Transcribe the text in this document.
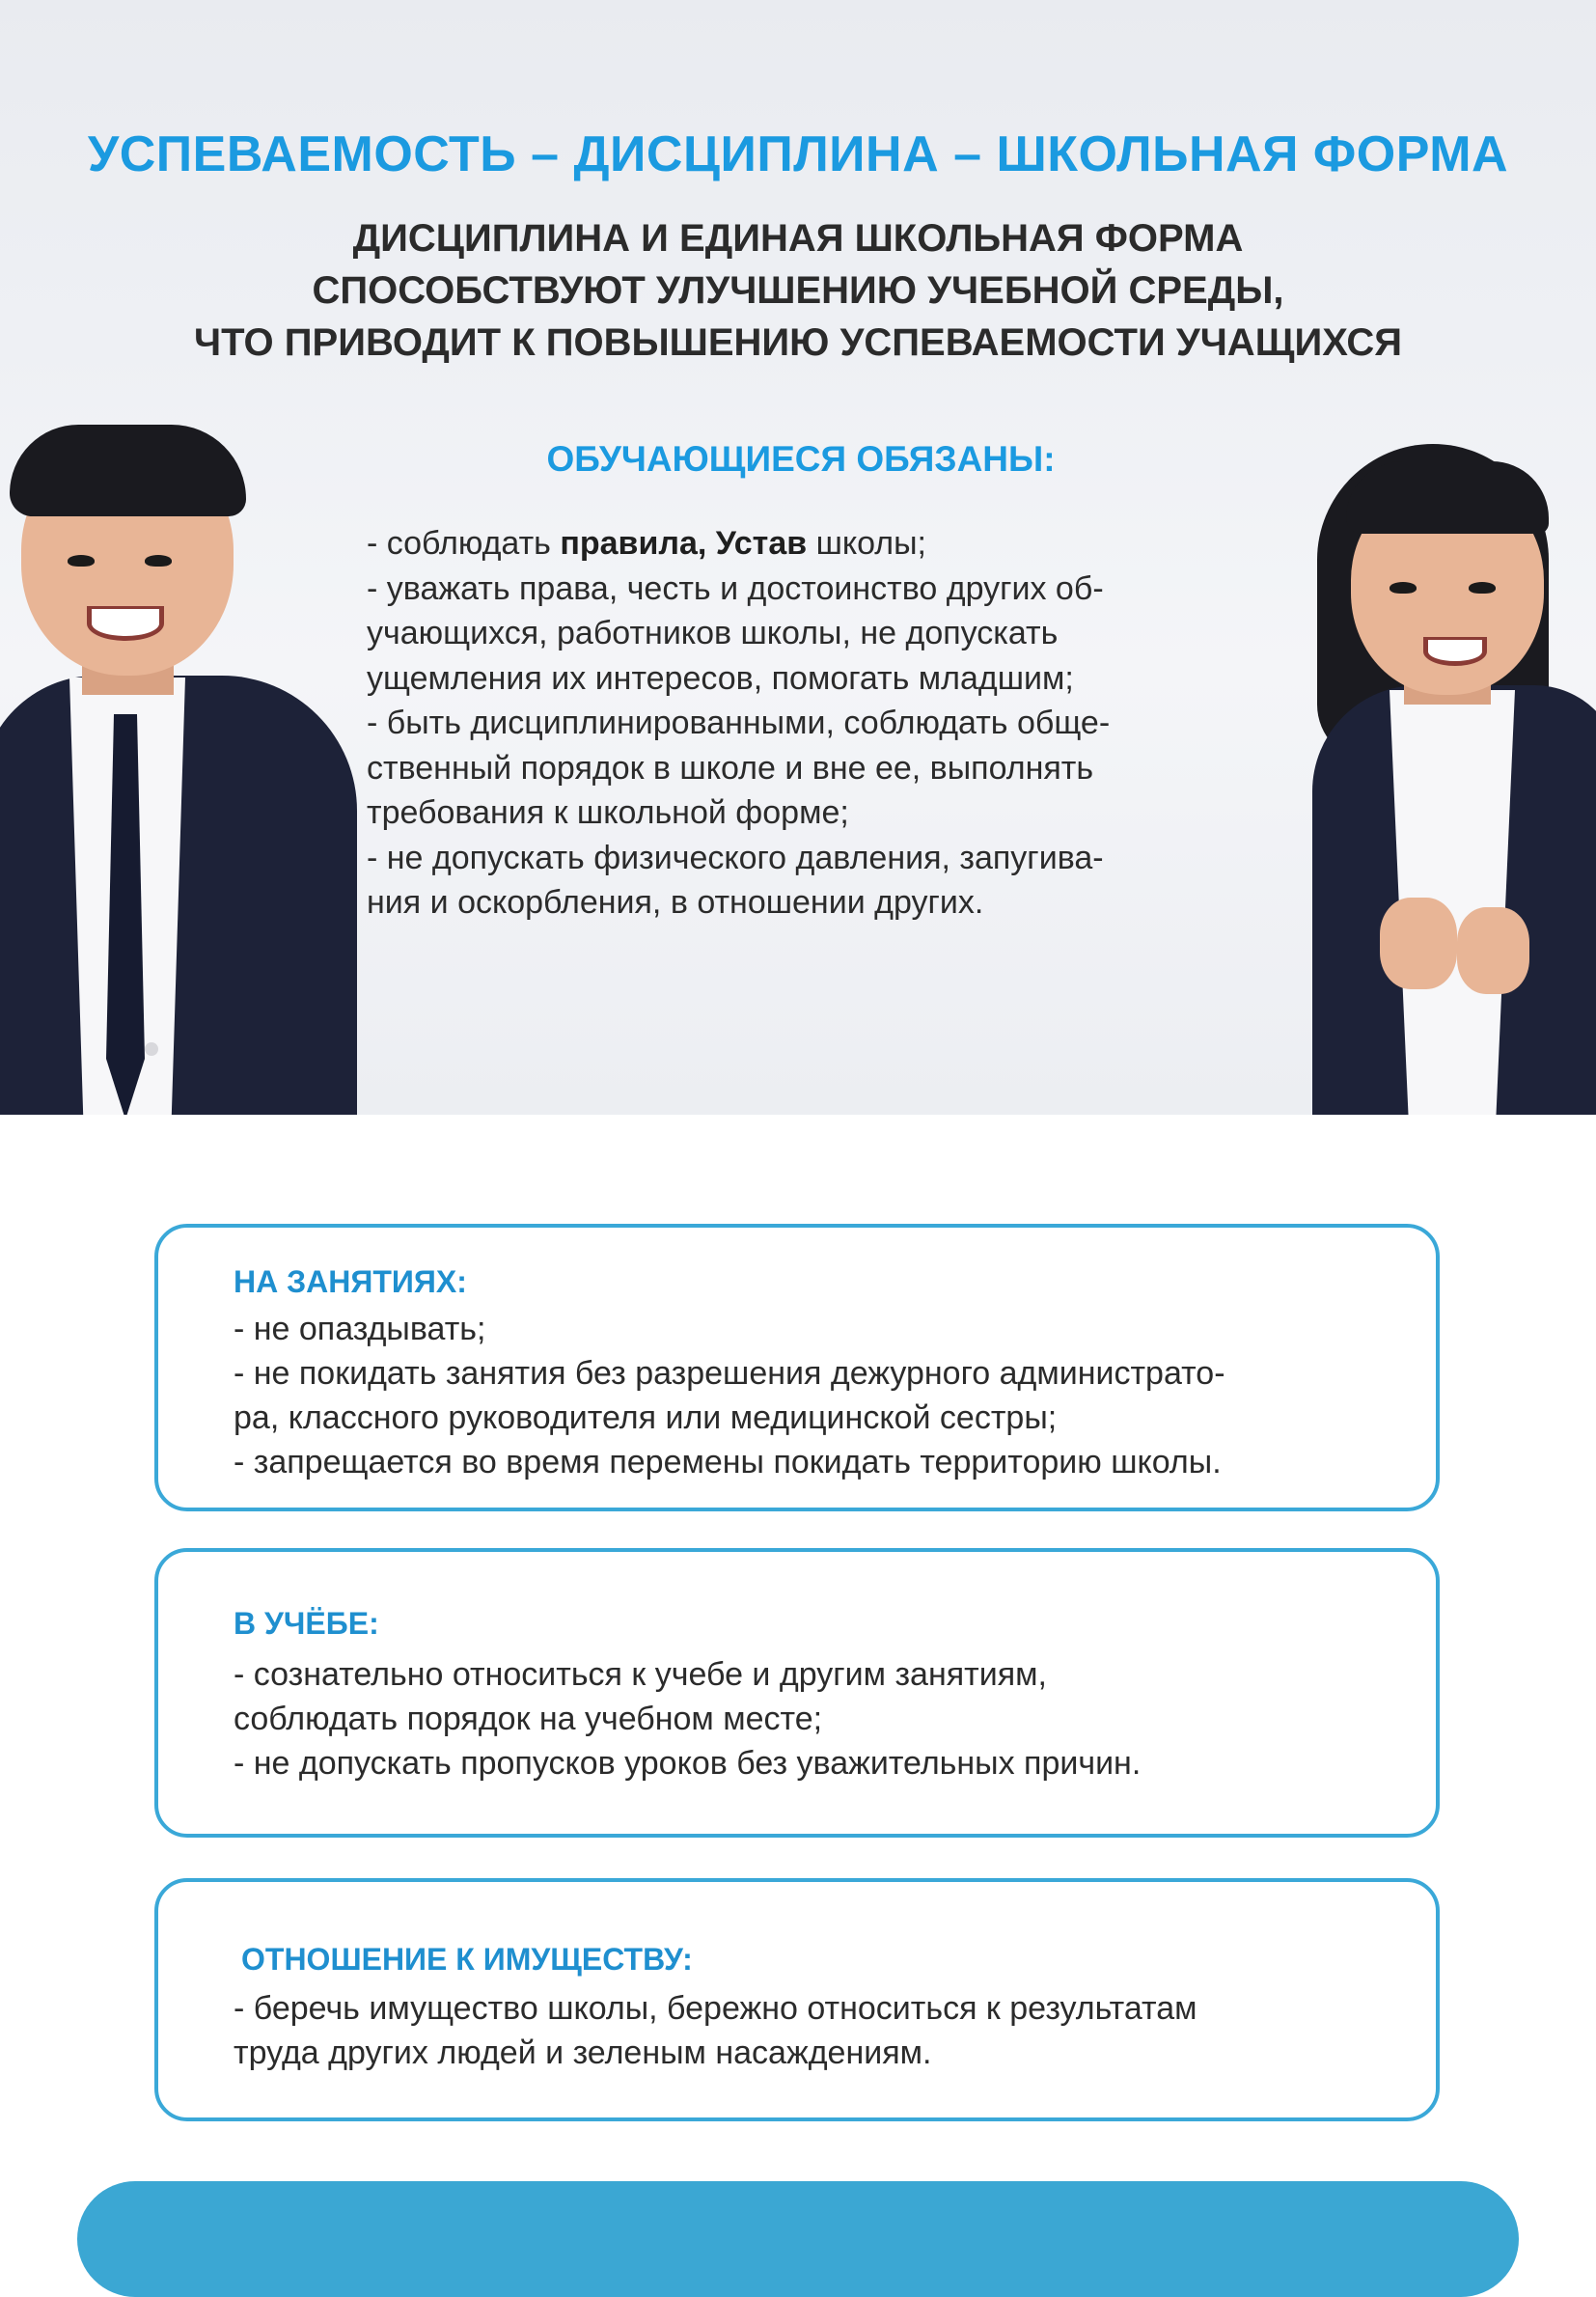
УСПЕВАЕМОСТЬ – ДИСЦИПЛИНА – ШКОЛЬНАЯ ФОРМА
ДИСЦИПЛИНА И ЕДИНАЯ ШКОЛЬНАЯ ФОРМА
СПОСОБСТВУЮТ УЛУЧШЕНИЮ УЧЕБНОЙ СРЕДЫ,
ЧТО ПРИВОДИТ К ПОВЫШЕНИЮ УСПЕВАЕМОСТИ УЧАЩИХСЯ
ОБУЧАЮЩИЕСЯ ОБЯЗАНЫ:
- соблюдать правила, Устав школы;
- уважать права, честь и достоинство других об-
учающихся, работников школы, не допускать
ущемления их интересов, помогать младшим;
- быть дисциплинированными, соблюдать обще-
ственный порядок в школе и вне ее, выполнять
требования к школьной форме;
- не допускать физического давления, запугива-
ния и оскорбления, в отношении других.
НА ЗАНЯТИЯХ:
- не опаздывать;
- не покидать занятия без разрешения дежурного администрато-
ра, классного руководителя или медицинской сестры;
- запрещается во время перемены покидать территорию школы.
В УЧЁБЕ:
- сознательно относиться к учебе и другим занятиям,
соблюдать порядок на учебном месте;
- не допускать пропусков уроков без уважительных причин.
ОТНОШЕНИЕ К ИМУЩЕСТВУ:
- беречь имущество школы, бережно относиться к результатам
труда других людей и зеленым насаждениям.
